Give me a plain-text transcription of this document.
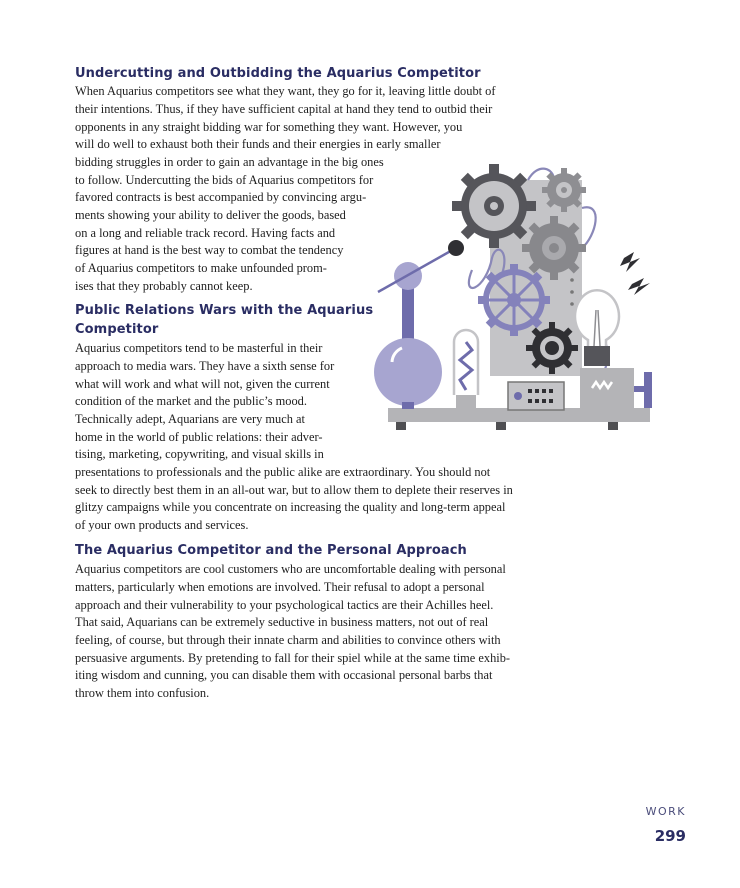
Undercutting and Outbidding the Aquarius Competitor
When Aquarius competitors see what they want, they go for it, leaving little doubt of
their intentions. Thus, if they have sufficient capital at hand they tend to outbid their
opponents in any straight bidding war for something they want. However, you
will do well to exhaust both their funds and their energies in early smaller
bidding struggles in order to gain an advantage in the big ones
to follow. Undercutting the bids of Aquarius competitors for
favored contracts is best accompanied by convincing argu-
ments showing your ability to deliver the goods, based
on a long and reliable track record. Having facts and
figures at hand is the best way to combat the tendency
of Aquarius competitors to make unfounded prom-
ises that they probably cannot keep.
Public Relations Wars with the Aquarius
Competitor
Aquarius competitors tend to be masterful in their
approach to media wars. They have a sixth sense for
what will work and what will not, given the current
condition of the market and the public’s mood.
Technically adept, Aquarians are very much at
home in the world of public relations: their adver-
tising, marketing, copywriting, and visual skills in
presentations to professionals and the public alike are extraordinary. You should not
seek to directly best them in an all-out war, but to allow them to deplete their reserves in
glitzy campaigns while you concentrate on increasing the quality and long-term appeal
of your own products and services.
The Aquarius Competitor and the Personal Approach
Aquarius competitors are cool customers who are uncomfortable dealing with personal
matters, particularly when emotions are involved. Their refusal to adopt a personal
approach and their vulnerability to your psychological tactics are their Achilles heel.
That said, Aquarians can be extremely seductive in business matters, not out of real
feeling, of course, but through their innate charm and abilities to convince others with
persuasive arguments. By pretending to fall for their spiel while at the same time exhib-
iting wisdom and cunning, you can disable them with occasional personal barbs that
throw them into confusion.
WORK
299
